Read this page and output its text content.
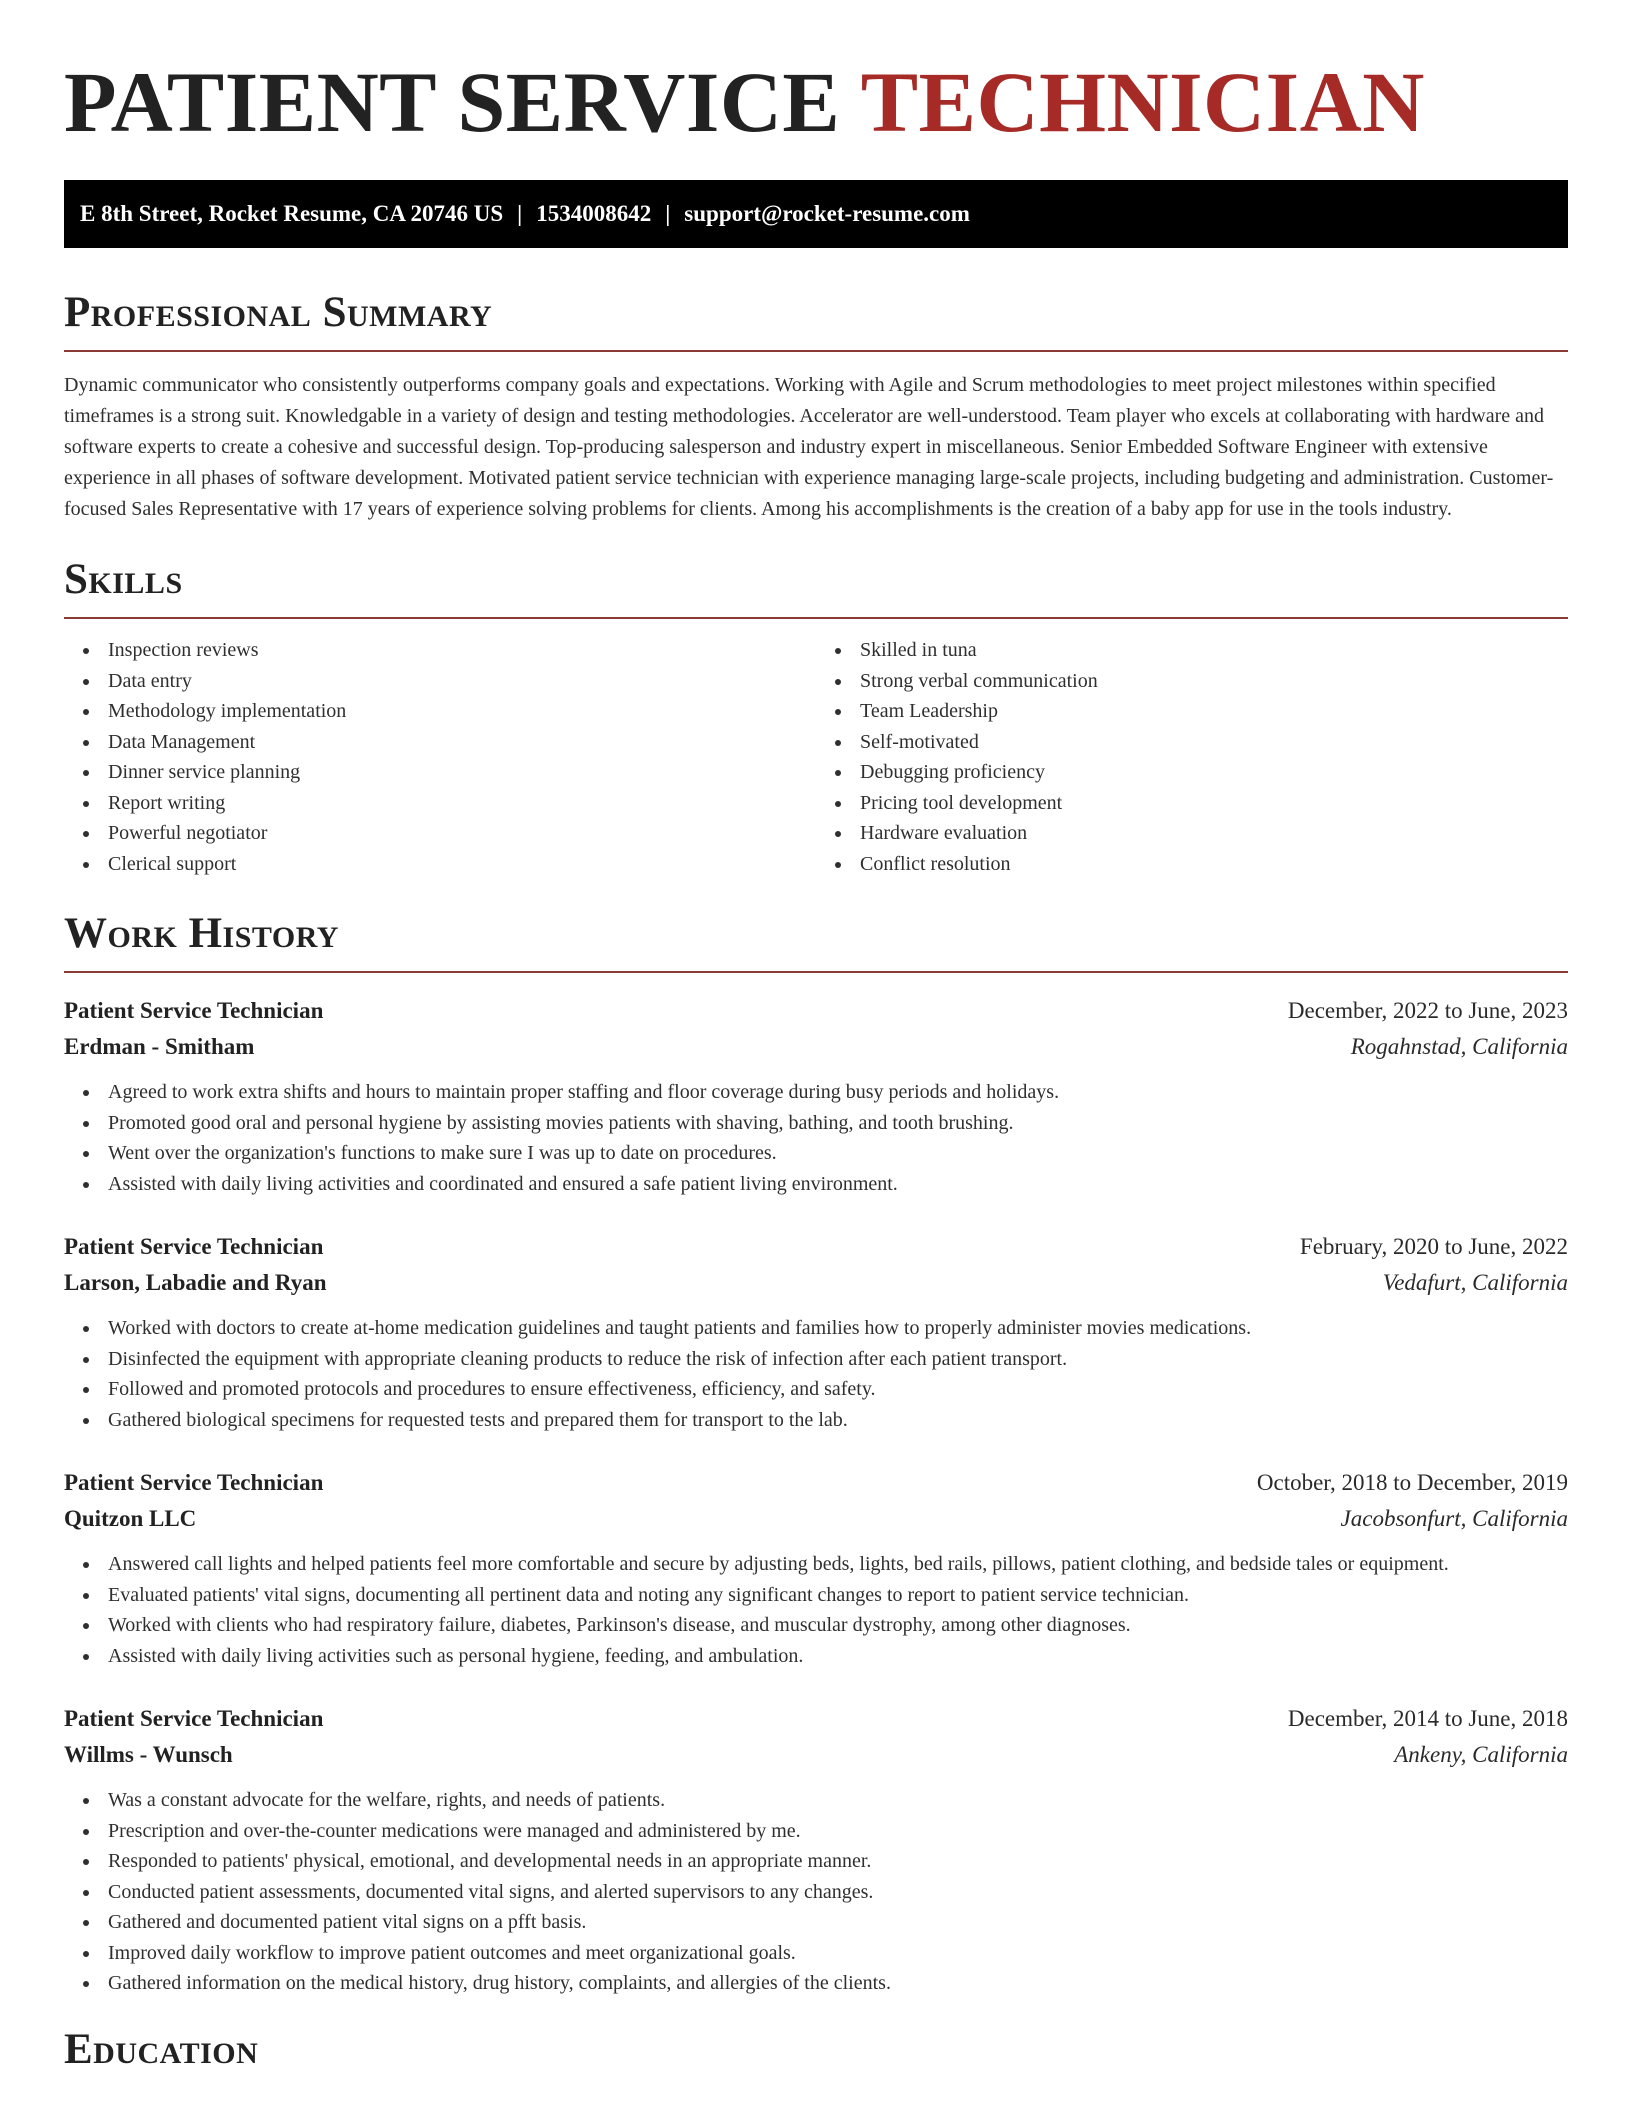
PATIENT SERVICE TECHNICIAN
E 8th Street, Rocket Resume, CA 20746 US | 1534008642 | support@rocket-resume.com
Professional Summary

Dynamic communicator who consistently outperforms company goals and expectations. Working with Agile and Scrum methodologies to meet project milestones within specified timeframes is a strong suit. Knowledgable in a variety of design and testing methodologies. Accelerator are well-understood. Team player who excels at collaborating with hardware and software experts to create a cohesive and successful design. Top-producing salesperson and industry expert in miscellaneous. Senior Embedded Software Engineer with extensive experience in all phases of software development. Motivated patient service technician with experience managing large-scale projects, including budgeting and administration. Customer-focused Sales Representative with 17 years of experience solving problems for clients. Among his accomplishments is the creation of a baby app for use in the tools industry.

Skills
Inspection reviews
Data entry
Methodology implementation
Data Management
Dinner service planning
Report writing
Powerful negotiator
Clerical support
Skilled in tuna
Strong verbal communication
Team Leadership
Self-motivated
Debugging proficiency
Pricing tool development
Hardware evaluation
Conflict resolution
Work History
Patient Service Technician	December, 2022 to June, 2023
Erdman - Smitham	Rogahnstad, California
Agreed to work extra shifts and hours to maintain proper staffing and floor coverage during busy periods and holidays.
Promoted good oral and personal hygiene by assisting movies patients with shaving, bathing, and tooth brushing.
Went over the organization's functions to make sure I was up to date on procedures.
Assisted with daily living activities and coordinated and ensured a safe patient living environment.
Patient Service Technician	February, 2020 to June, 2022
Larson, Labadie and Ryan	Vedafurt, California
Worked with doctors to create at-home medication guidelines and taught patients and families how to properly administer movies medications.
Disinfected the equipment with appropriate cleaning products to reduce the risk of infection after each patient transport.
Followed and promoted protocols and procedures to ensure effectiveness, efficiency, and safety.
Gathered biological specimens for requested tests and prepared them for transport to the lab.
Patient Service Technician	October, 2018 to December, 2019
Quitzon LLC	Jacobsonfurt, California
Answered call lights and helped patients feel more comfortable and secure by adjusting beds, lights, bed rails, pillows, patient clothing, and bedside tales or equipment.
Evaluated patients' vital signs, documenting all pertinent data and noting any significant changes to report to patient service technician.
Worked with clients who had respiratory failure, diabetes, Parkinson's disease, and muscular dystrophy, among other diagnoses.
Assisted with daily living activities such as personal hygiene, feeding, and ambulation.
Patient Service Technician	December, 2014 to June, 2018
Willms - Wunsch	Ankeny, California
Was a constant advocate for the welfare, rights, and needs of patients.
Prescription and over-the-counter medications were managed and administered by me.
Responded to patients' physical, emotional, and developmental needs in an appropriate manner.
Conducted patient assessments, documented vital signs, and alerted supervisors to any changes.
Gathered and documented patient vital signs on a pfft basis.
Improved daily workflow to improve patient outcomes and meet organizational goals.
Gathered information on the medical history, drug history, complaints, and allergies of the clients.
Education
